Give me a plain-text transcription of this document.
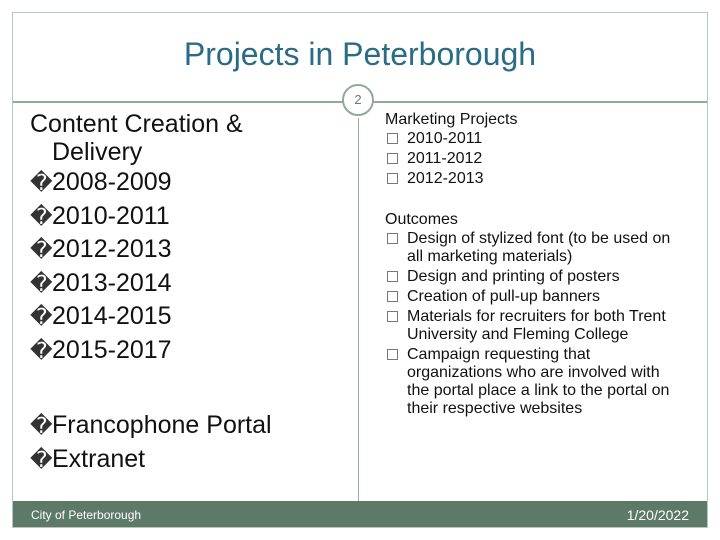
Projects in Peterborough
2

Content Creation &
Delivery

�2008-2009

�2010-2011

�2012-2013

�2013-2014

�2014-2015

�2015-2017

�Francophone Portal

�Extranet

Marketing Projects

2010-2011

2011-2012

2012-2013

Outcomes

Design of stylized font (to be used on all marketing materials)

Design and printing of posters

Creation of pull-up banners

Materials for recruiters for both Trent University and Fleming College

Campaign requesting that organizations who are involved with the portal place a link to the portal on their respective websites

City of Peterborough	1/20/2022
